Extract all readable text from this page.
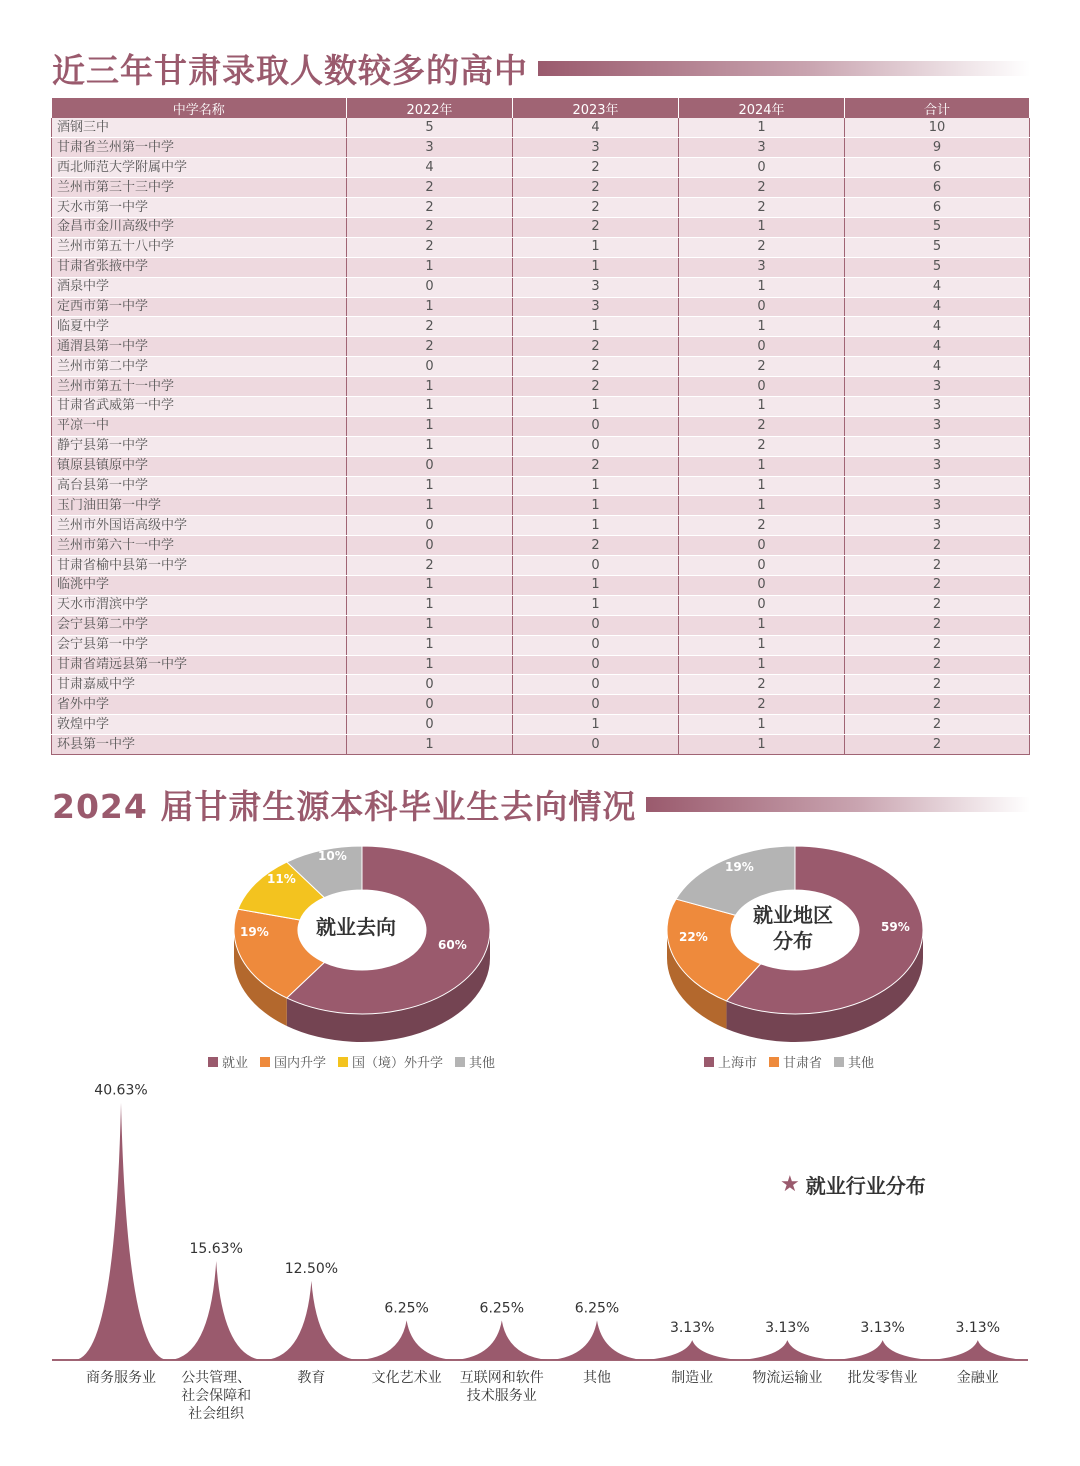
近三年甘肃录取人数较多的高中
中学名称	2022年	2023年	2024年	合计
酒钢三中	5	4	1	10
甘肃省兰州第一中学	3	3	3	9
西北师范大学附属中学	4	2	0	6
兰州市第三十三中学	2	2	2	6
天水市第一中学	2	2	2	6
金昌市金川高级中学	2	2	1	5
兰州市第五十八中学	2	1	2	5
甘肃省张掖中学	1	1	3	5
酒泉中学	0	3	1	4
定西市第一中学	1	3	0	4
临夏中学	2	1	1	4
通渭县第一中学	2	2	0	4
兰州市第二中学	0	2	2	4
兰州市第五十一中学	1	2	0	3
甘肃省武威第一中学	1	1	1	3
平凉一中	1	0	2	3
静宁县第一中学	1	0	2	3
镇原县镇原中学	0	2	1	3
高台县第一中学	1	1	1	3
玉门油田第一中学	1	1	1	3
兰州市外国语高级中学	0	1	2	3
兰州市第六十一中学	0	2	0	2
甘肃省榆中县第一中学	2	0	0	2
临洮中学	1	1	0	2
天水市渭滨中学	1	1	0	2
会宁县第二中学	1	0	1	2
会宁县第一中学	1	0	1	2
甘肃省靖远县第一中学	1	0	1	2
甘肃嘉威中学	0	0	2	2
省外中学	0	0	2	2
敦煌中学	0	1	1	2
环县第一中学	1	0	1	2
2024 届甘肃生源本科毕业生去向情况
就业去向
60%
19%
11%
10%
就业 国内升学 国（境）外升学 其他
就业地区
分布
59%
22%
19%
上海市 甘肃省 其他
40.63%
商务服务业
15.63%
公共管理、
社会保障和
社会组织
12.50%
教育
6.25%
文化艺术业
6.25%
互联网和软件
技术服务业
6.25%
其他
3.13%
制造业
3.13%
物流运输业
3.13%
批发零售业
3.13%
金融业
★ 就业行业分布
